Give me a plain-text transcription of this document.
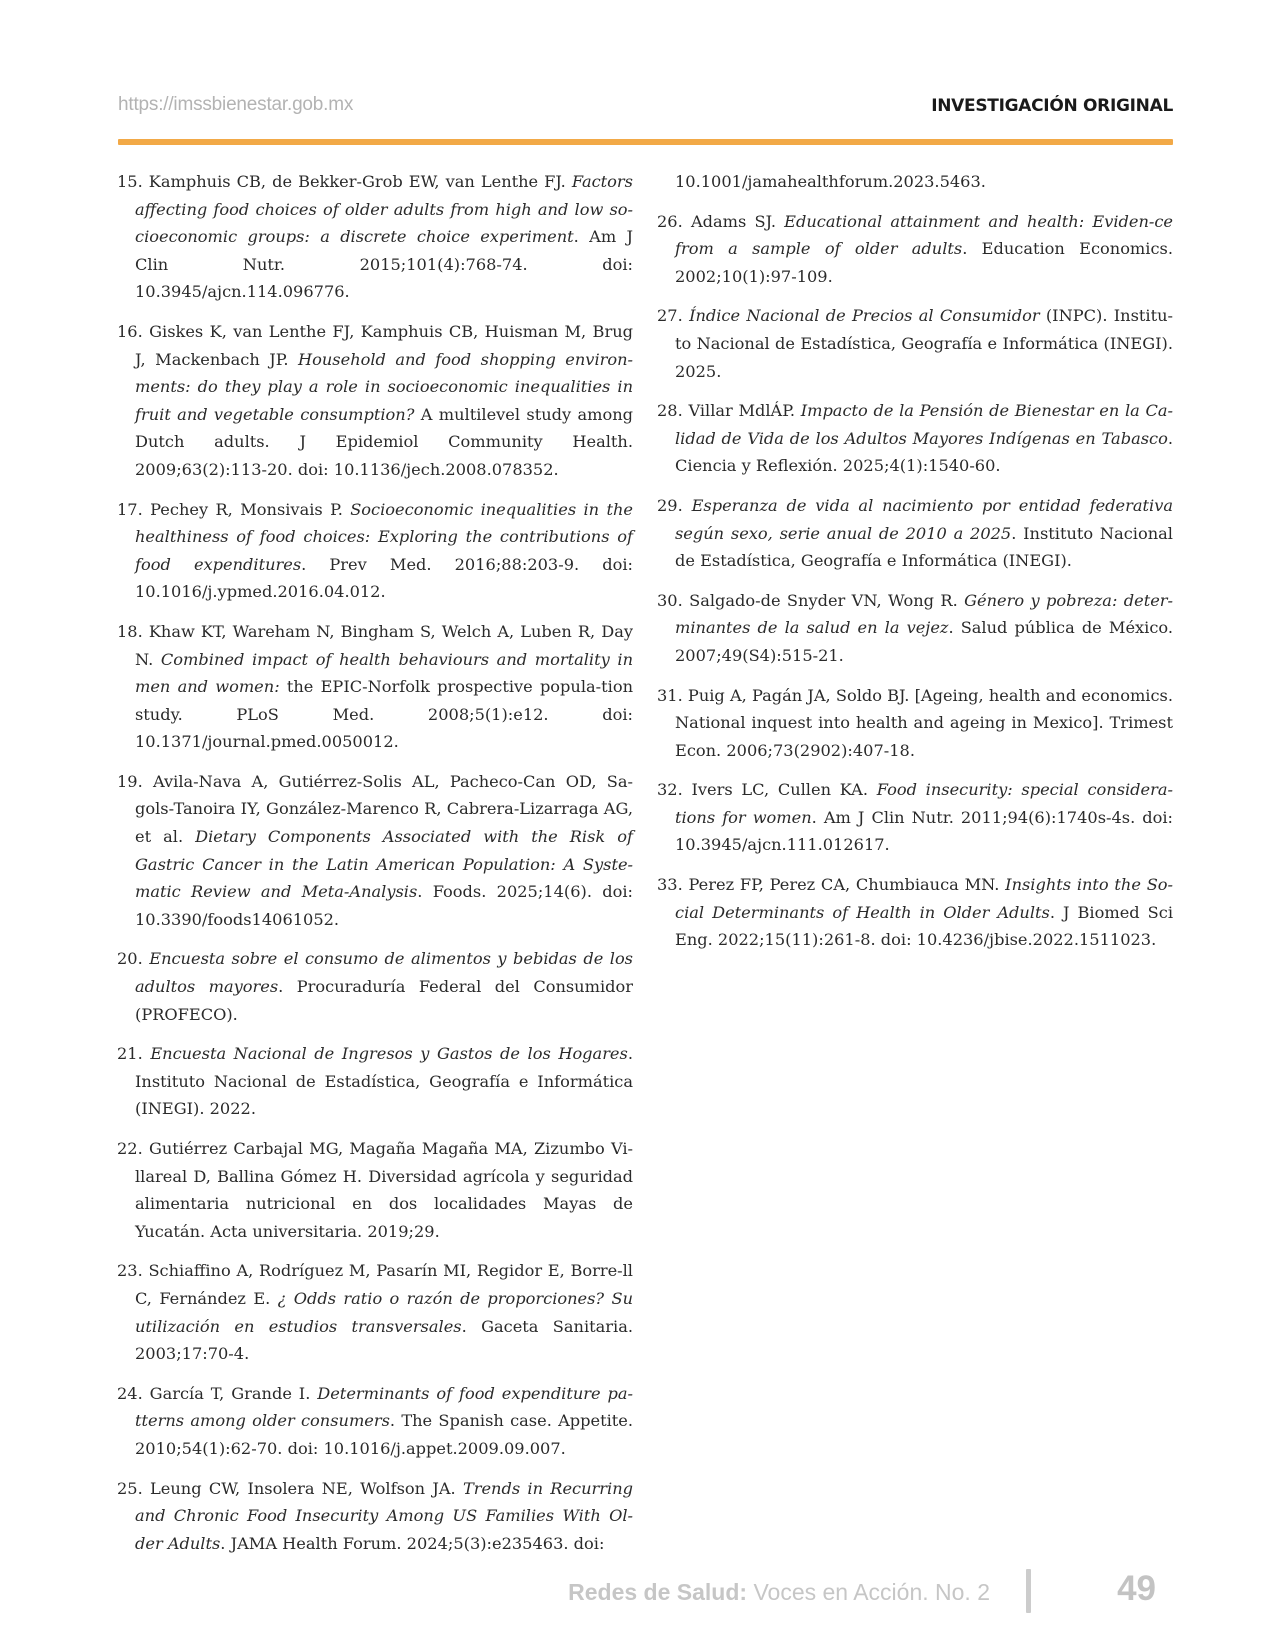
https://imssbienestar.gob.mx	INVESTIGACIÓN ORIGINAL

15. Kamphuis CB, de Bekker-Grob EW, van Lenthe FJ. Factors affecting food choices of older adults from high and low so-cioeconomic groups: a discrete choice experiment. Am J Clin Nutr. 2015;101(4):768-74. doi: 10.3945/ajcn.114.096776.

16. Giskes K, van Lenthe FJ, Kamphuis CB, Huisman M, Brug J, Mackenbach JP. Household and food shopping environ-ments: do they play a role in socioeconomic inequalities in fruit and vegetable consumption? A multilevel study among Dutch adults. J Epidemiol Community Health. 2009;63(2):113-20. doi: 10.1136/jech.2008.078352.

17. Pechey R, Monsivais P. Socioeconomic inequalities in the healthiness of food choices: Exploring the contributions of food expenditures. Prev Med. 2016;88:203-9. doi: 10.1016/j.ypmed.2016.04.012.

18. Khaw KT, Wareham N, Bingham S, Welch A, Luben R, Day N. Combined impact of health behaviours and mortality in men and women: the EPIC-Norfolk prospective popula-tion study. PLoS Med. 2008;5(1):e12. doi: 10.1371/journal.pmed.0050012.

19. Avila-Nava A, Gutiérrez-Solis AL, Pacheco-Can OD, Sa-gols-Tanoira IY, González-Marenco R, Cabrera-Lizarraga AG, et al. Dietary Components Associated with the Risk of Gastric Cancer in the Latin American Population: A Syste-matic Review and Meta-Analysis. Foods. 2025;14(6). doi: 10.3390/foods14061052.

20. Encuesta sobre el consumo de alimentos y bebidas de los adultos mayores. Procuraduría Federal del Consumidor (PROFECO).

21. Encuesta Nacional de Ingresos y Gastos de los Hogares. Instituto Nacional de Estadística, Geografía e Informática (INEGI). 2022.

22. Gutiérrez Carbajal MG, Magaña Magaña MA, Zizumbo Vi-llareal D, Ballina Gómez H. Diversidad agrícola y seguridad alimentaria nutricional en dos localidades Mayas de Yucatán. Acta universitaria. 2019;29.

23. Schiaffino A, Rodríguez M, Pasarín MI, Regidor E, Borre-ll C, Fernández E. ¿ Odds ratio o razón de proporciones? Su utilización en estudios transversales. Gaceta Sanitaria. 2003;17:70-4.

24. García T, Grande I. Determinants of food expenditure pa-tterns among older consumers. The Spanish case. Appetite. 2010;54(1):62-70. doi: 10.1016/j.appet.2009.09.007.

25. Leung CW, Insolera NE, Wolfson JA. Trends in Recurring and Chronic Food Insecurity Among US Families With Ol-der Adults. JAMA Health Forum. 2024;5(3):e235463. doi:

10.1001/jamahealthforum.2023.5463.

26. Adams SJ. Educational attainment and health: Eviden-ce from a sample of older adults. Education Economics. 2002;10(1):97-109.

27. Índice Nacional de Precios al Consumidor (INPC). Institu-to Nacional de Estadística, Geografía e Informática (INEGI). 2025.

28. Villar MdlÁP. Impacto de la Pensión de Bienestar en la Ca-lidad de Vida de los Adultos Mayores Indígenas en Tabasco. Ciencia y Reflexión. 2025;4(1):1540-60.

29. Esperanza de vida al nacimiento por entidad federativa según sexo, serie anual de 2010 a 2025. Instituto Nacional de Estadística, Geografía e Informática (INEGI).

30. Salgado-de Snyder VN, Wong R. Género y pobreza: deter-minantes de la salud en la vejez. Salud pública de México. 2007;49(S4):515-21.

31. Puig A, Pagán JA, Soldo BJ. [Ageing, health and economics. National inquest into health and ageing in Mexico]. Trimest Econ. 2006;73(2902):407-18.

32. Ivers LC, Cullen KA. Food insecurity: special considera-tions for women. Am J Clin Nutr. 2011;94(6):1740s-4s. doi: 10.3945/ajcn.111.012617.

33. Perez FP, Perez CA, Chumbiauca MN. Insights into the So-cial Determinants of Health in Older Adults. J Biomed Sci Eng. 2022;15(11):261-8. doi: 10.4236/jbise.2022.1511023.

Redes de Salud: Voces en Acción. No. 2	49
